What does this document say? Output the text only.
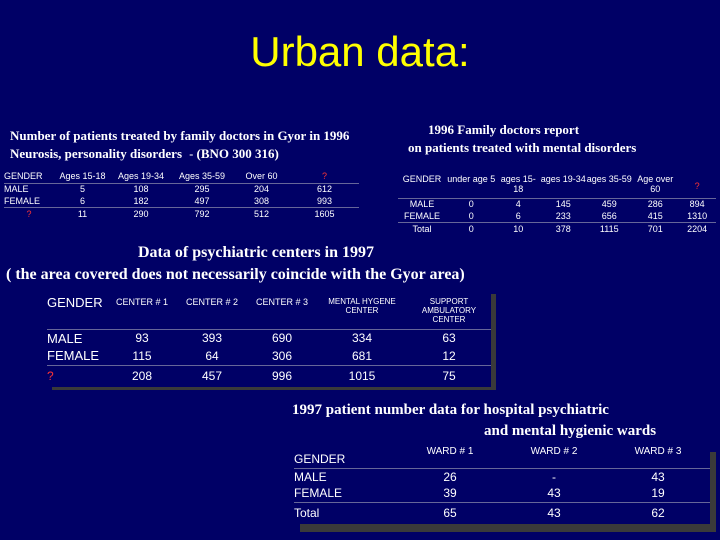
Urban data:
Number of patients treated by family doctors in Gyor in 1996
Neurosis, personality disorders - (BNO 300 316)
GENDER	Ages 15-18	Ages 19-34	Ages 35-59	Over 60	?
MALE	5	108	295	204	612
FEMALE	6	182	497	308	993
?	11	290	792	512	1605
1996 Family doctors report
on patients treated with mental disorders
GENDER	under age 5	ages 15-18	ages 19-34	ages 35-59	Age over 60	?
MALE	0	4	145	459	286	894
FEMALE	0	6	233	656	415	1310
Total	0	10	378	1115	701	2204
Data of psychiatric centers in 1997
( the area covered does not necessarily coincide with the Gyor area)
GENDER	CENTER # 1	CENTER # 2	CENTER # 3	MENTAL HYGENE CENTER	SUPPORT AMBULATORY CENTER
MALE	93	393	690	334	63
FEMALE	115	64	306	681	12
?	208	457	996	1015	75
1997 patient number data for hospital psychiatric
and mental hygienic wards
GENDER	WARD # 1	WARD # 2	WARD # 3
MALE	26	-	43
FEMALE	39	43	19
Total	65	43	62
